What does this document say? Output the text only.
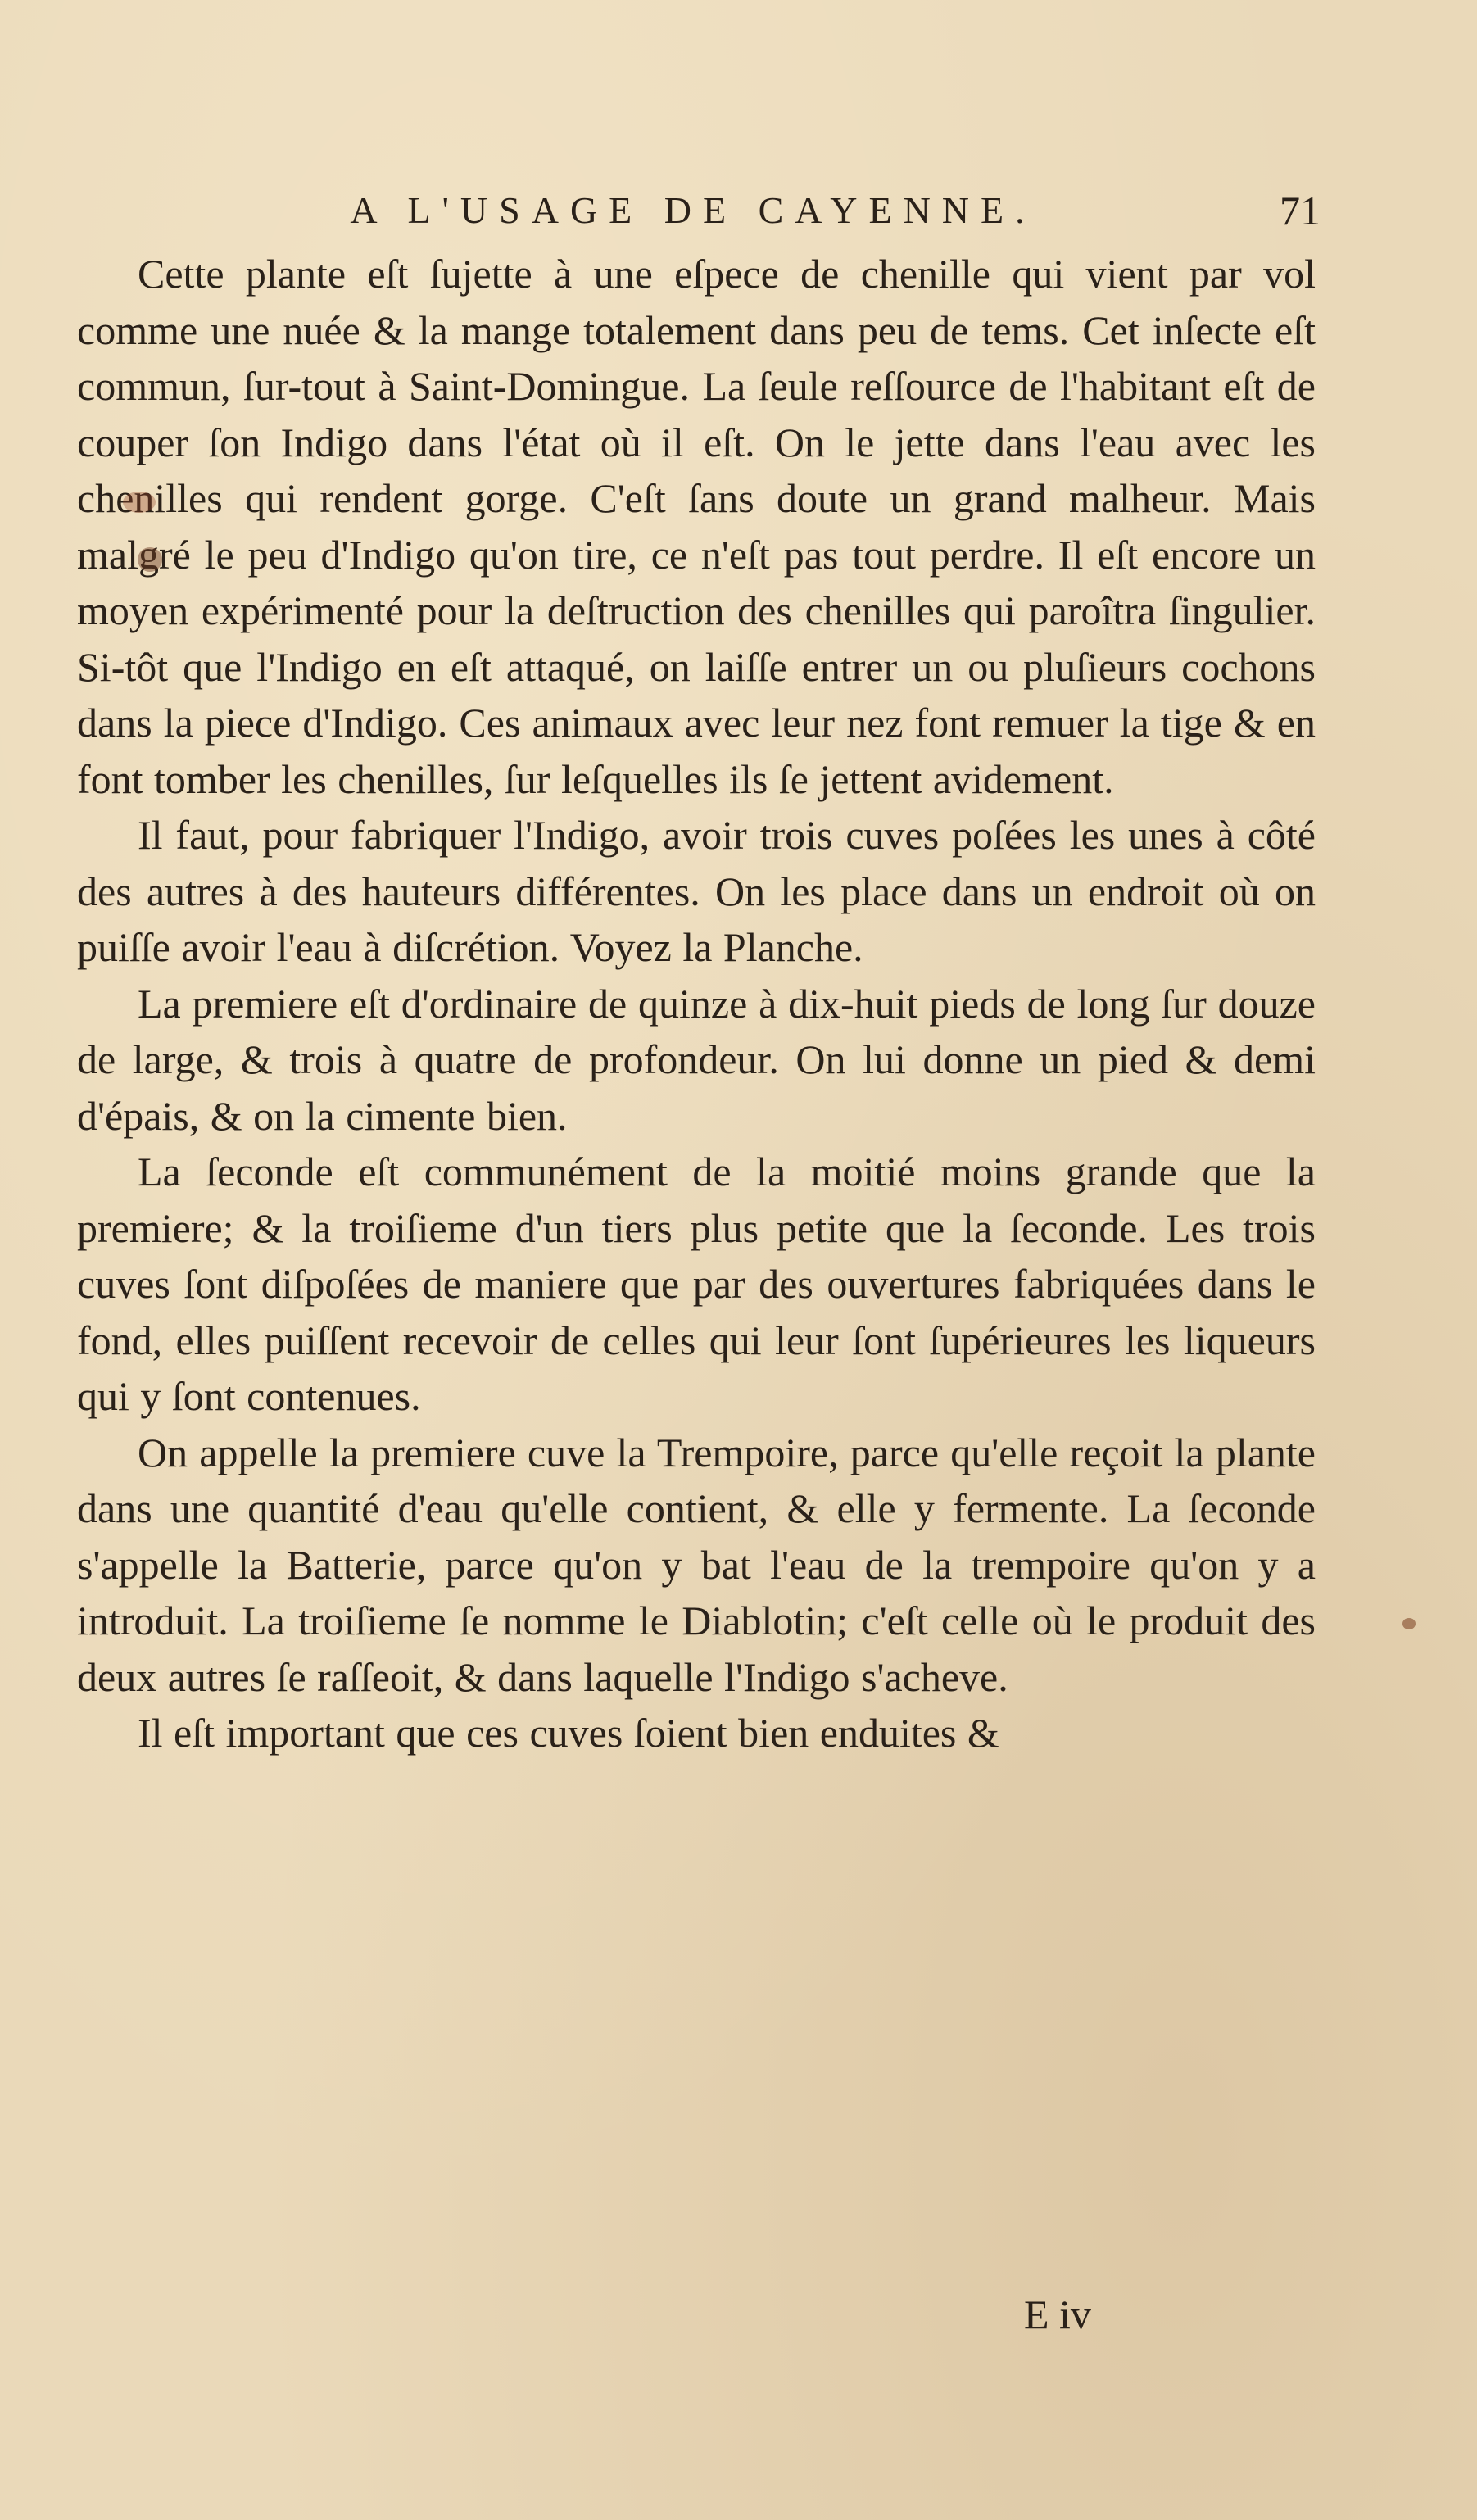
A L'USAGE DE CAYENNE.	71

Cette plante eſt ſujette à une eſpece de chenille qui vient par vol comme une nuée & la mange totalement dans peu de tems. Cet inſecte eſt commun, ſur-tout à Saint-Domingue. La ſeule reſſource de l'habitant eſt de couper ſon Indigo dans l'état où il eſt. On le jette dans l'eau avec les chenilles qui rendent gorge. C'eſt ſans doute un grand malheur. Mais malgré le peu d'Indigo qu'on tire, ce n'eſt pas tout perdre. Il eſt encore un moyen expérimenté pour la deſtruction des chenilles qui paroîtra ſingulier. Si-tôt que l'Indigo en eſt attaqué, on laiſſe entrer un ou pluſieurs cochons dans la piece d'Indigo. Ces animaux avec leur nez font remuer la tige & en font tomber les chenilles, ſur leſquelles ils ſe jettent avidement.

Il faut, pour fabriquer l'Indigo, avoir trois cuves poſées les unes à côté des autres à des hauteurs différentes. On les place dans un endroit où on puiſſe avoir l'eau à diſcrétion. Voyez la Planche.

La premiere eſt d'ordinaire de quinze à dix-huit pieds de long ſur douze de large, & trois à quatre de profondeur. On lui donne un pied & demi d'épais, & on la cimente bien.

La ſeconde eſt communément de la moitié moins grande que la premiere; & la troiſieme d'un tiers plus petite que la ſeconde. Les trois cuves ſont diſpoſées de maniere que par des ouvertures fabriquées dans le fond, elles puiſſent recevoir de celles qui leur ſont ſupérieures les liqueurs qui y ſont contenues.

On appelle la premiere cuve la Trempoire, parce qu'elle reçoit la plante dans une quantité d'eau qu'elle contient, & elle y fermente. La ſeconde s'appelle la Batterie, parce qu'on y bat l'eau de la trempoire qu'on y a introduit. La troiſieme ſe nomme le Diablotin; c'eſt celle où le produit des deux autres ſe raſſeoit, & dans laquelle l'Indigo s'acheve.

Il eſt important que ces cuves ſoient bien enduites &

E iv
